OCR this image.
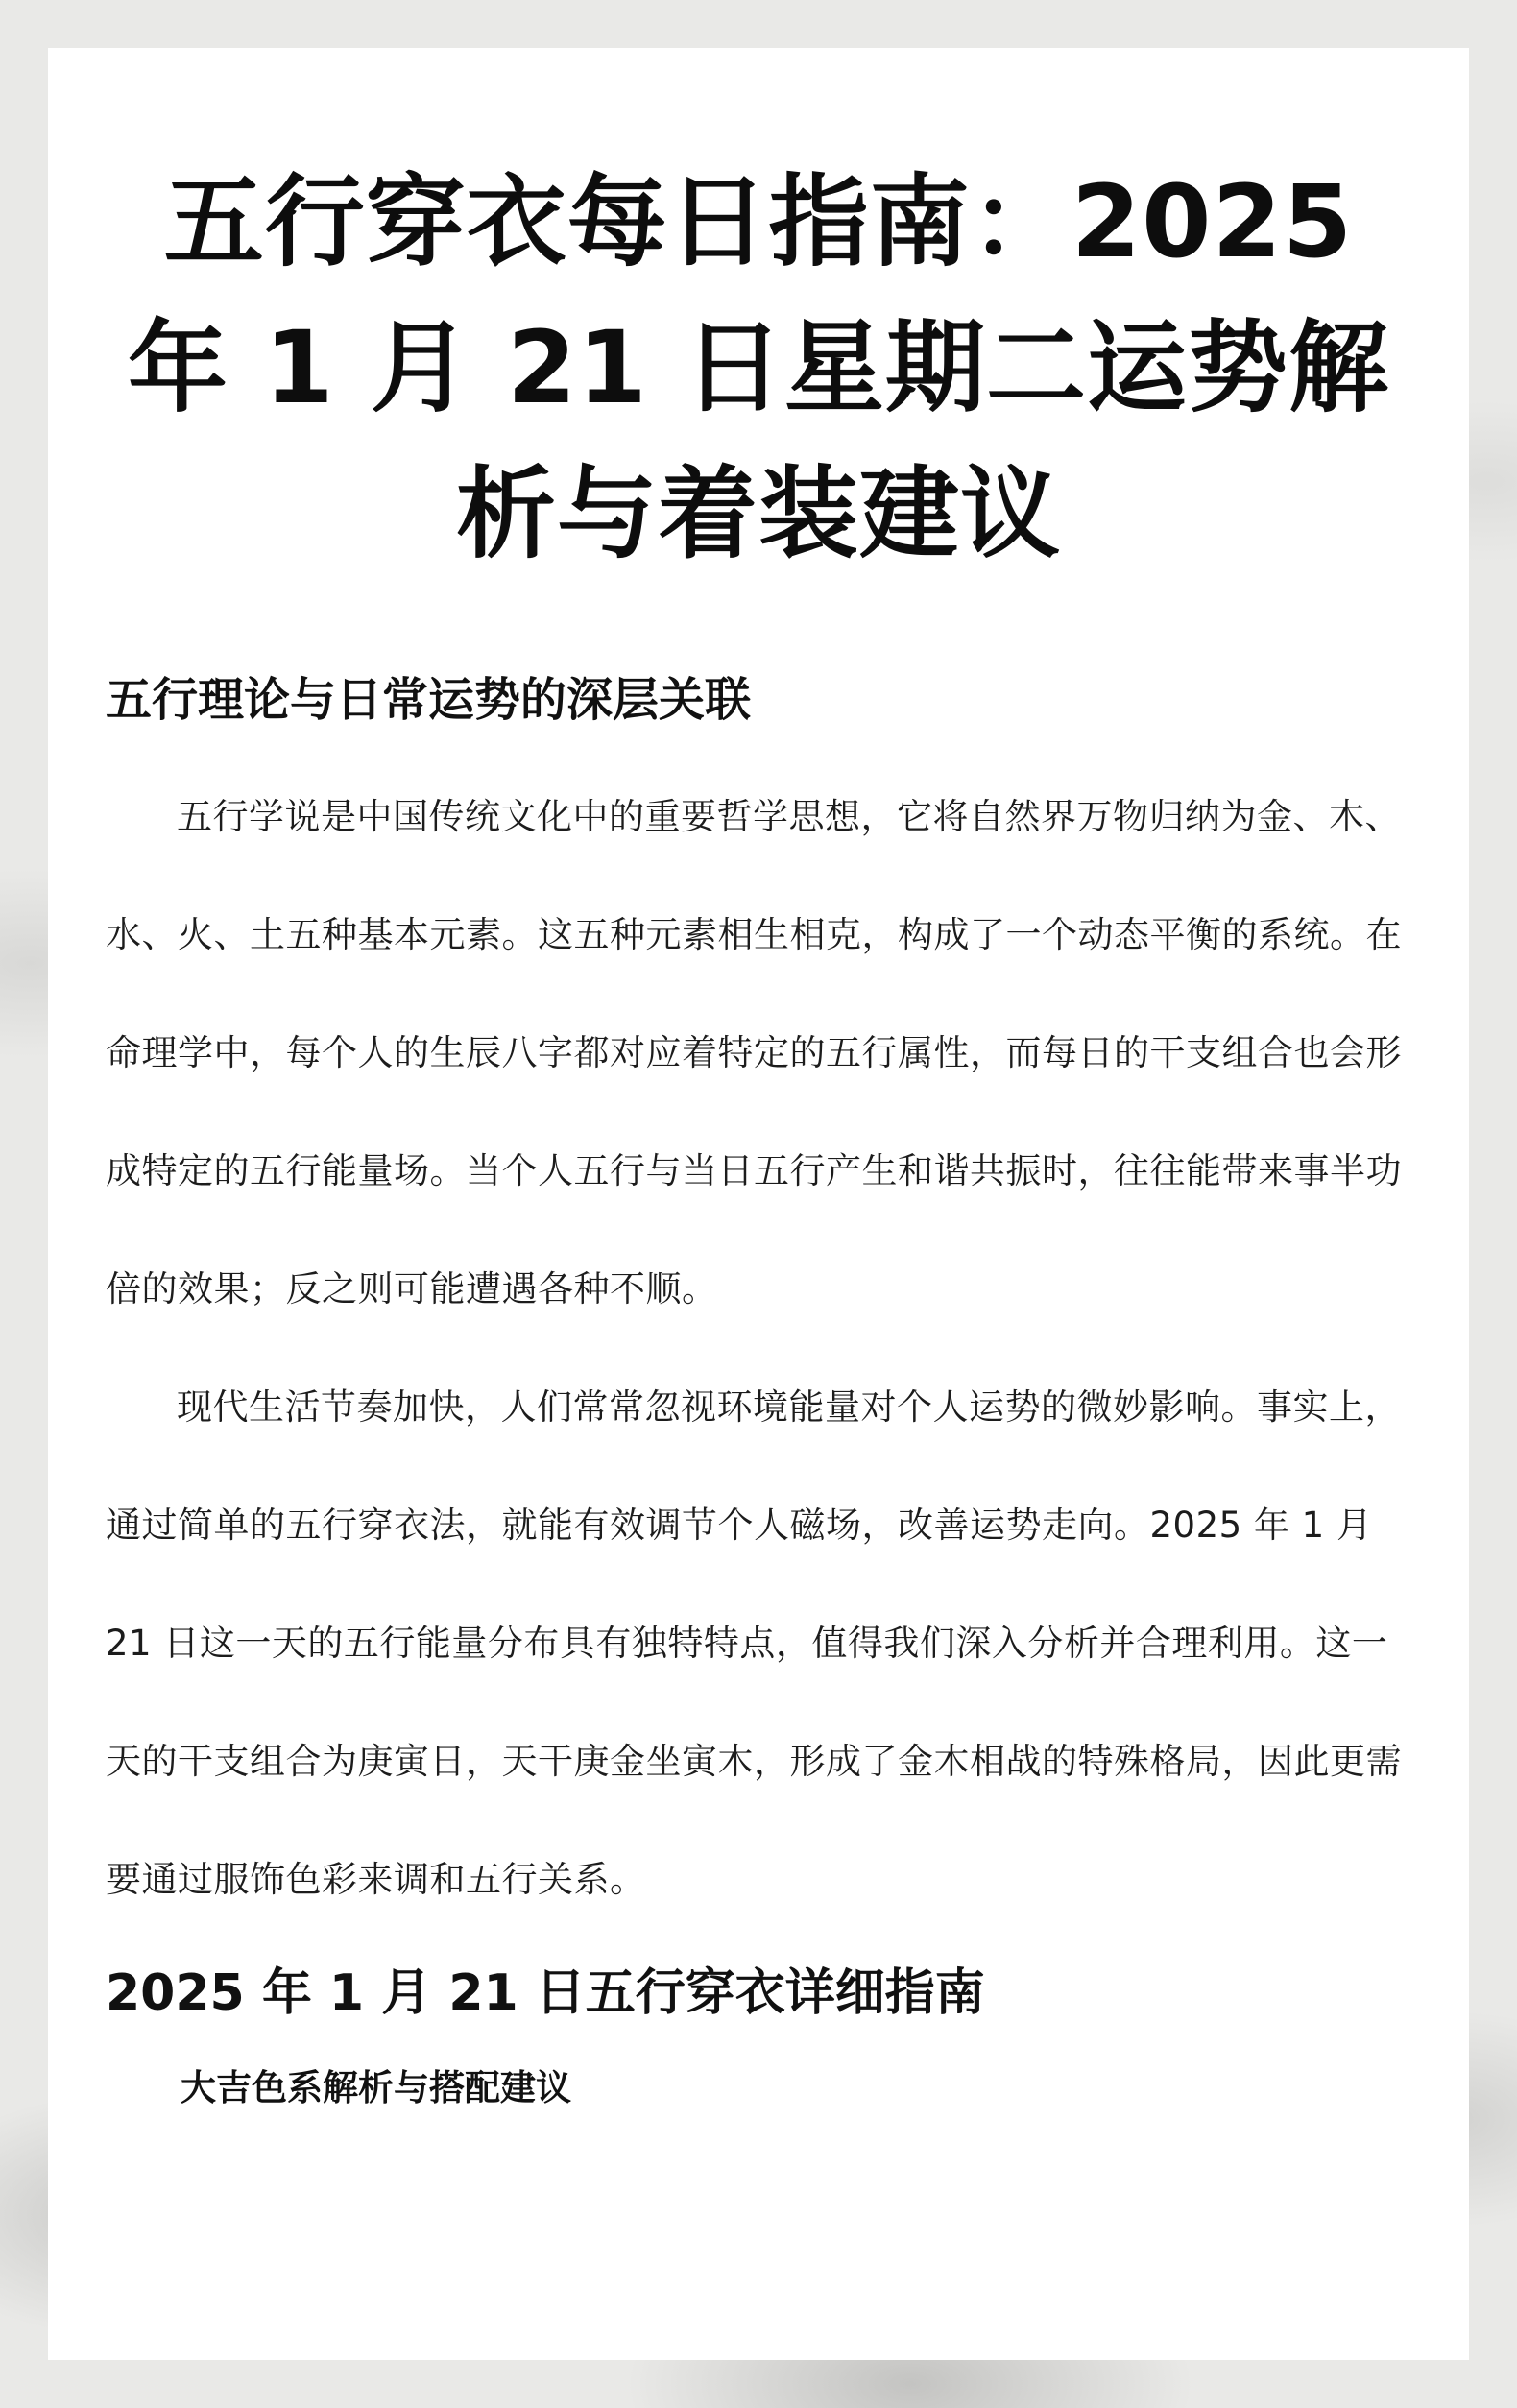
五行穿衣每日指南：2025 年 1 月 21 日星期二运势解析与着装建议
五行理论与日常运势的深层关联

五行学说是中国传统文化中的重要哲学思想，它将自然界万物归纳为金、木、水、火、土五种基本元素。这五种元素相生相克，构成了一个动态平衡的系统。在命理学中，每个人的生辰八字都对应着特定的五行属性，而每日的干支组合也会形成特定的五行能量场。当个人五行与当日五行产生和谐共振时，往往能带来事半功倍的效果；反之则可能遭遇各种不顺。

现代生活节奏加快，人们常常忽视环境能量对个人运势的微妙影响。事实上，通过简单的五行穿衣法，就能有效调节个人磁场，改善运势走向。2025 年 1 月 21 日这一天的五行能量分布具有独特特点，值得我们深入分析并合理利用。这一天的干支组合为庚寅日，天干庚金坐寅木，形成了金木相战的特殊格局，因此更需要通过服饰色彩来调和五行关系。

2025 年 1 月 21 日五行穿衣详细指南
大吉色系解析与搭配建议
